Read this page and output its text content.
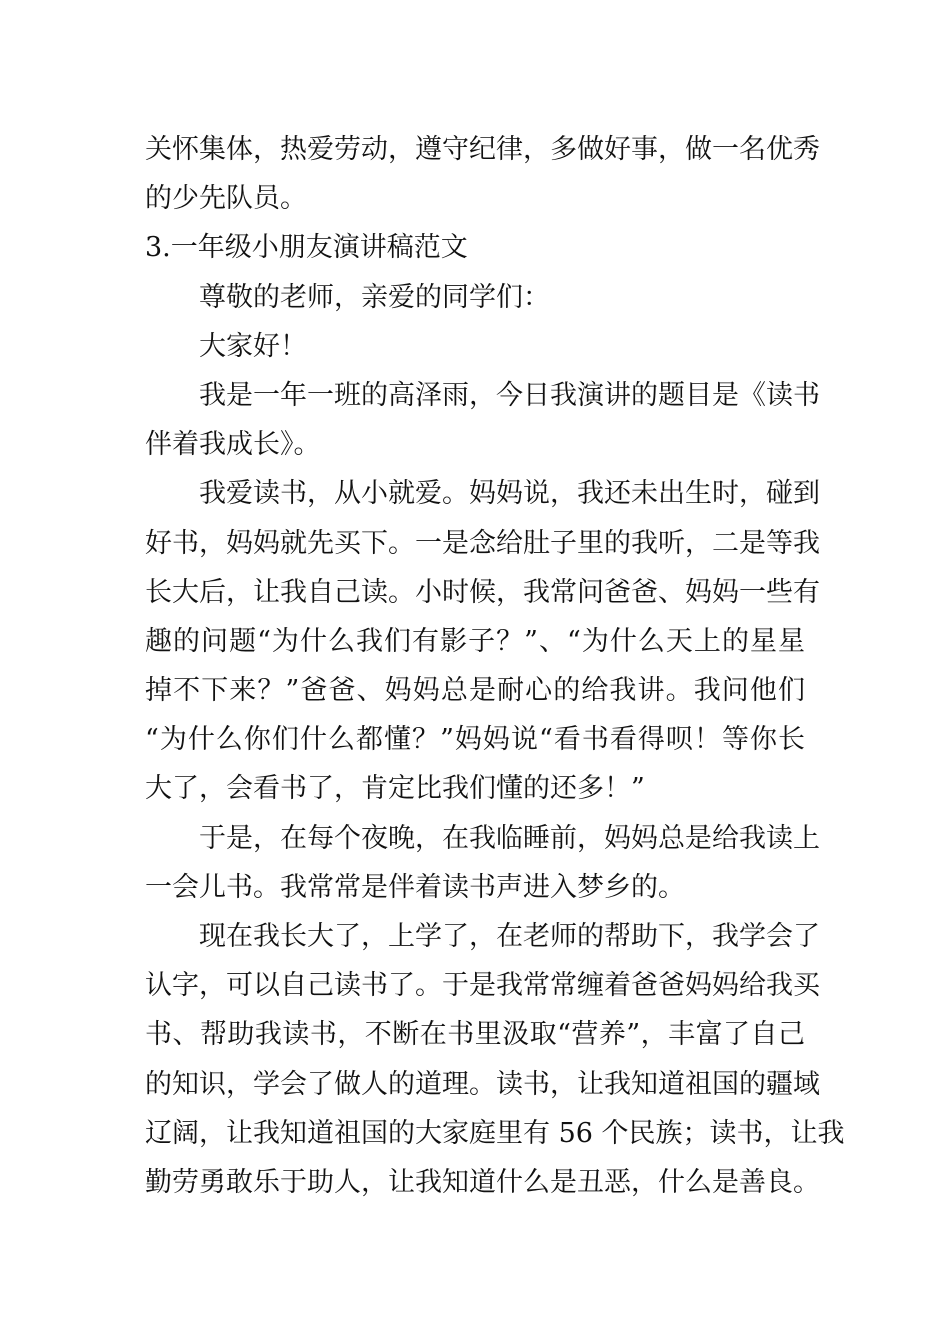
关怀集体，热爱劳动，遵守纪律，多做好事，做一名优秀
的少先队员。
3.一年级小朋友演讲稿范文
尊敬的老师，亲爱的同学们：
大家好！
我是一年一班的高泽雨，今日我演讲的题目是《读书
伴着我成长》。
我爱读书，从小就爱。妈妈说，我还未出生时，碰到
好书，妈妈就先买下。一是念给肚子里的我听，二是等我
长大后，让我自己读。小时候，我常问爸爸、妈妈一些有
趣的问题“为什么我们有影子？”、“为什么天上的星星
掉不下来？”爸爸、妈妈总是耐心的给我讲。我问他们
“为什么你们什么都懂？”妈妈说“看书看得呗！等你长
大了，会看书了，肯定比我们懂的还多！”
于是，在每个夜晚，在我临睡前，妈妈总是给我读上
一会儿书。我常常是伴着读书声进入梦乡的。
现在我长大了，上学了，在老师的帮助下，我学会了
认字，可以自己读书了。于是我常常缠着爸爸妈妈给我买
书、帮助我读书，不断在书里汲取“营养”，丰富了自己
的知识，学会了做人的道理。读书，让我知道祖国的疆域
辽阔，让我知道祖国的大家庭里有 56 个民族；读书，让我
勤劳勇敢乐于助人，让我知道什么是丑恶，什么是善良。
